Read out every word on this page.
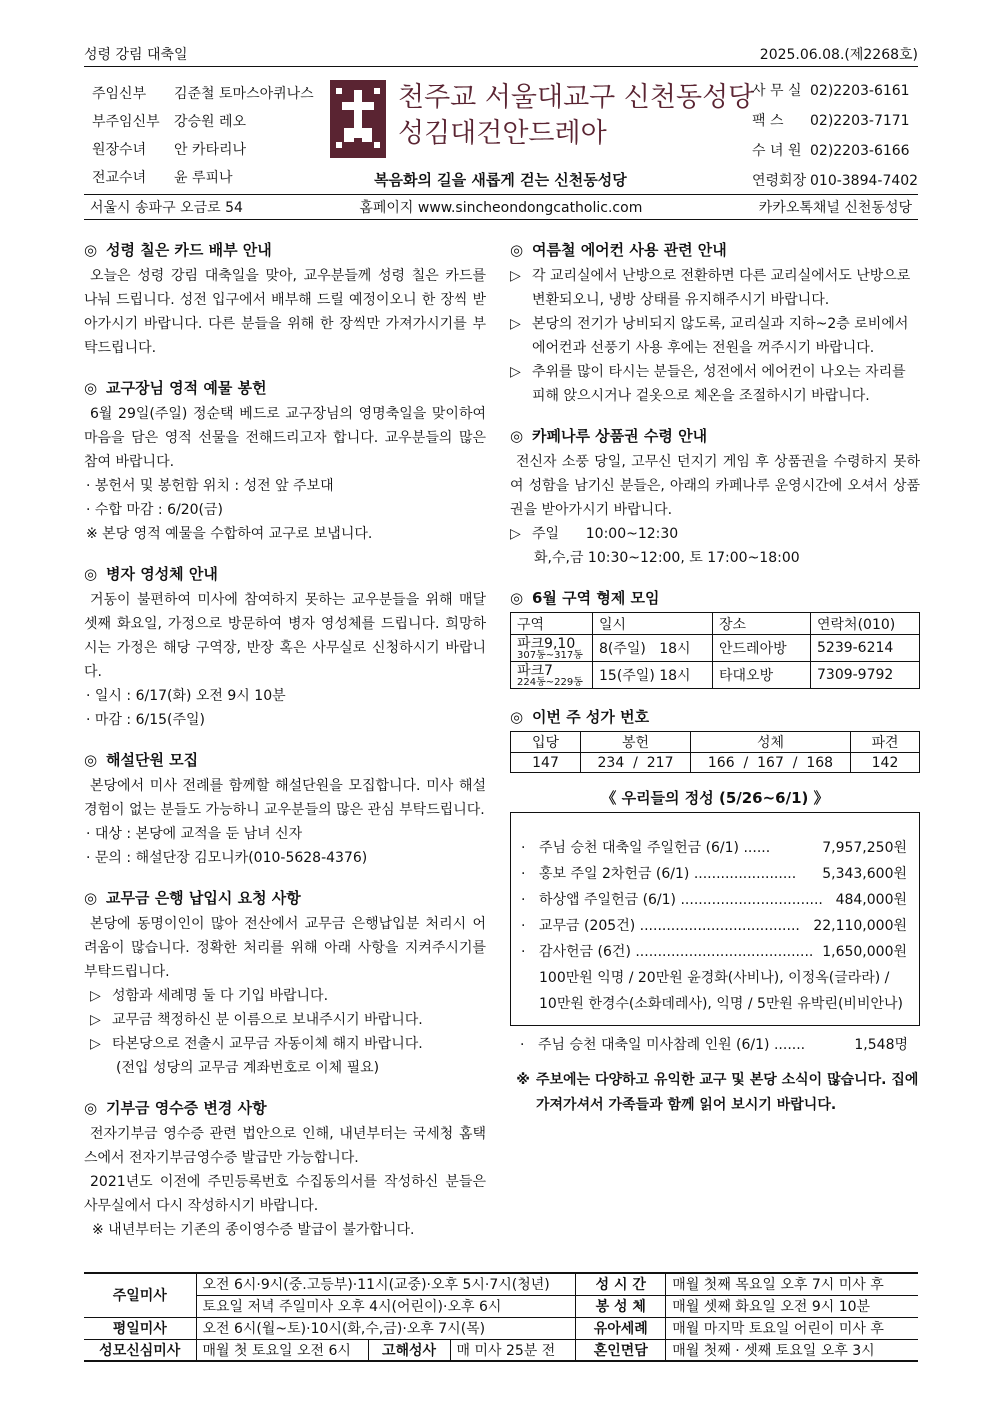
성령 강림 대축일	2025.06.08.(제2268호)
주임신부	김준철 토마스아퀴나스
부주임신부	강승원 레오
원장수녀	안 카타리나
전교수녀	윤 루피나
천주교 서울대교구 신천동성당
성김대건안드레아
복음화의 길을 새롭게 걷는 신천동성당
사 무 실 02)2203-6161
팩 스	02)2203-7171
수 녀 원 02)2203-6166
연령회장 010-3894-7402
서울시 송파구 오금로 54	홈페이지 www.sincheondongcatholic.com	카카오톡채널 신천동성당
◎ 성령 칠은 카드 배부 안내
오늘은 성령 강림 대축일을 맞아, 교우분들께 성령 칠은 카드를 나눠 드립니다. 성전 입구에서 배부해 드릴 예정이오니 한 장씩 받아가시기 바랍니다. 다른 분들을 위해 한 장씩만 가져가시기를 부탁드립니다.
◎ 교구장님 영적 예물 봉헌
6월 29일(주일) 정순택 베드로 교구장님의 영명축일을 맞이하여 마음을 담은 영적 선물을 전해드리고자 합니다. 교우분들의 많은 참여 바랍니다.
· 봉헌서 및 봉헌함 위치 : 성전 앞 주보대
· 수합 마감 : 6/20(금)
※ 본당 영적 예물을 수합하여 교구로 보냅니다.
◎ 병자 영성체 안내
거동이 불편하여 미사에 참여하지 못하는 교우분들을 위해 매달 셋째 화요일, 가정으로 방문하여 병자 영성체를 드립니다. 희망하시는 가정은 해당 구역장, 반장 혹은 사무실로 신청하시기 바랍니다.
· 일시 : 6/17(화) 오전 9시 10분
· 마감 : 6/15(주일)
◎ 해설단원 모집
본당에서 미사 전례를 함께할 해설단원을 모집합니다. 미사 해설 경험이 없는 분들도 가능하니 교우분들의 많은 관심 부탁드립니다.
· 대상 : 본당에 교적을 둔 남녀 신자
· 문의 : 해설단장 김모니카(010-5628-4376)
◎ 교무금 은행 납입시 요청 사항
본당에 동명이인이 많아 전산에서 교무금 은행납입분 처리시 어려움이 많습니다. 정확한 처리를 위해 아래 사항을 지켜주시기를 부탁드립니다.
▷ 성함과 세례명 둘 다 기입 바랍니다.
▷ 교무금 책정하신 분 이름으로 보내주시기 바랍니다.
▷ 타본당으로 전출시 교무금 자동이체 해지 바랍니다.
(전입 성당의 교무금 계좌번호로 이체 필요)
◎ 기부금 영수증 변경 사항
전자기부금 영수증 관련 법안으로 인해, 내년부터는 국세청 홈택스에서 전자기부금영수증 발급만 가능합니다.
2021년도 이전에 주민등록번호 수집동의서를 작성하신 분들은 사무실에서 다시 작성하시기 바랍니다.
※ 내년부터는 기존의 종이영수증 발급이 불가합니다.
◎ 여름철 에어컨 사용 관련 안내
▷ 각 교리실에서 난방으로 전환하면 다른 교리실에서도 난방으로 변환되오니, 냉방 상태를 유지해주시기 바랍니다.
▷ 본당의 전기가 낭비되지 않도록, 교리실과 지하~2층 로비에서 에어컨과 선풍기 사용 후에는 전원을 꺼주시기 바랍니다.
▷ 추위를 많이 타시는 분들은, 성전에서 에어컨이 나오는 자리를 피해 앉으시거나 겉옷으로 체온을 조절하시기 바랍니다.
◎ 카페나루 상품권 수령 안내
전신자 소풍 당일, 고무신 던지기 게임 후 상품권을 수령하지 못하여 성함을 남기신 분들은, 아래의 카페나루 운영시간에 오셔서 상품권을 받아가시기 바랍니다.
▷ 주일      10:00~12:30
화,수,금 10:30~12:00, 토 17:00~18:00
◎ 6월 구역 형제 모임
구역	일시	장소	연락처(010)
파크9,10
307동~317동	8(주일)   18시	안드레아방	5239-6214
파크7
224동~229동	15(주일) 18시	타대오방	7309-9792
◎ 이번 주 성가 번호
입당	봉헌	성체	파견
147	234  /  217	166  /  167  /  168	142
《 우리들의 정성 (5/26~6/1) 》
· 주님 승천 대축일 주일헌금 (6/1) ......	7,957,250원
· 홍보 주일 2차헌금 (6/1) .......................	5,343,600원
· 하상앱 주일헌금 (6/1) ................................ 484,000원
· 교무금 (205건) .................................... 22,110,000원
· 감사헌금 (6건) ........................................ 1,650,000원
100만원 익명 / 20만원 윤경화(사비나), 이정옥(글라라) / 10만원 한경수(소화데레사), 익명 / 5만원 유박린(비비안나)
· 주님 승천 대축일 미사참례 인원 (6/1) .......	1,548명
※ 주보에는 다양하고 유익한 교구 및 본당 소식이 많습니다. 집에 가져가셔서 가족들과 함께 읽어 보시기 바랍니다.
주일미사	오전 6시·9시(중.고등부)·11시(교중)·오후 5시·7시(청년)			성 시 간	매월 첫째 목요일 오후 7시 미사 후
	토요일 저녁 주일미사 오후 4시(어린이)·오후 6시			봉 성 체	매월 셋째 화요일 오전 9시 10분
평일미사	오전 6시(월~토)·10시(화,수,금)·오후 7시(목)			유아세례	매월 마지막 토요일 어린이 미사 후
성모신심미사	매월 첫 토요일 오전 6시	고해성사	매 미사 25분 전	혼인면담	매월 첫째 · 셋째 토요일 오후 3시
